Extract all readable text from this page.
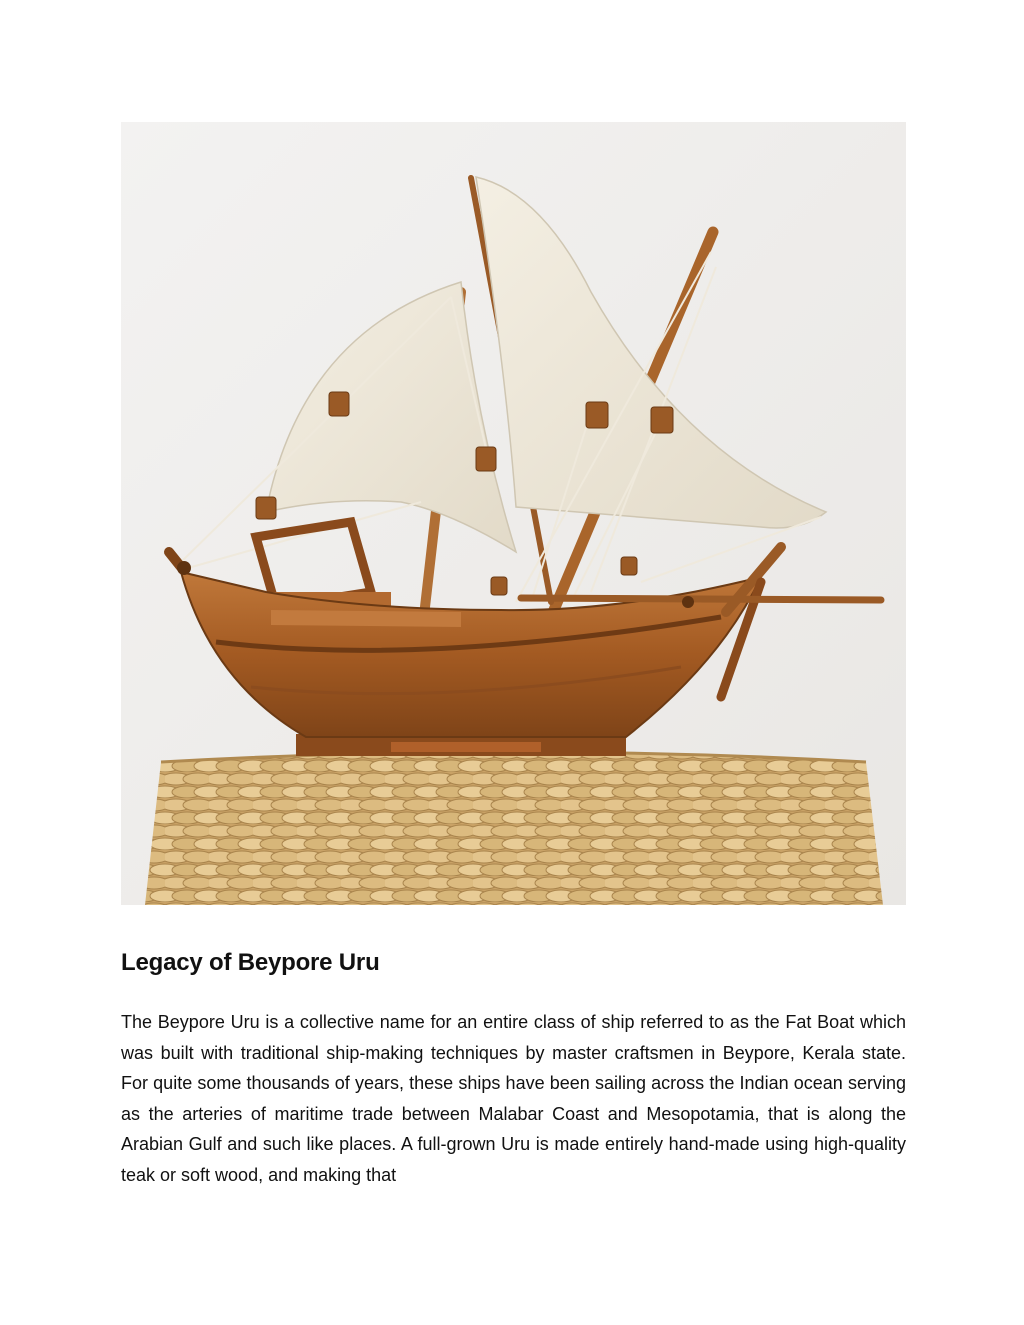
Legacy of Beypore Uru

The Beypore Uru is a collective name for an entire class of ship referred to as the Fat Boat which was built with traditional ship-making techniques by master craftsmen in Beypore, Kerala state. For quite some thousands of years, these ships have been sailing across the Indian ocean serving as the arteries of maritime trade between Malabar Coast and Mesopotamia, that is along the Arabian Gulf and such like places. A full-grown Uru is made entirely hand-made using high-quality teak or soft wood, and making that
